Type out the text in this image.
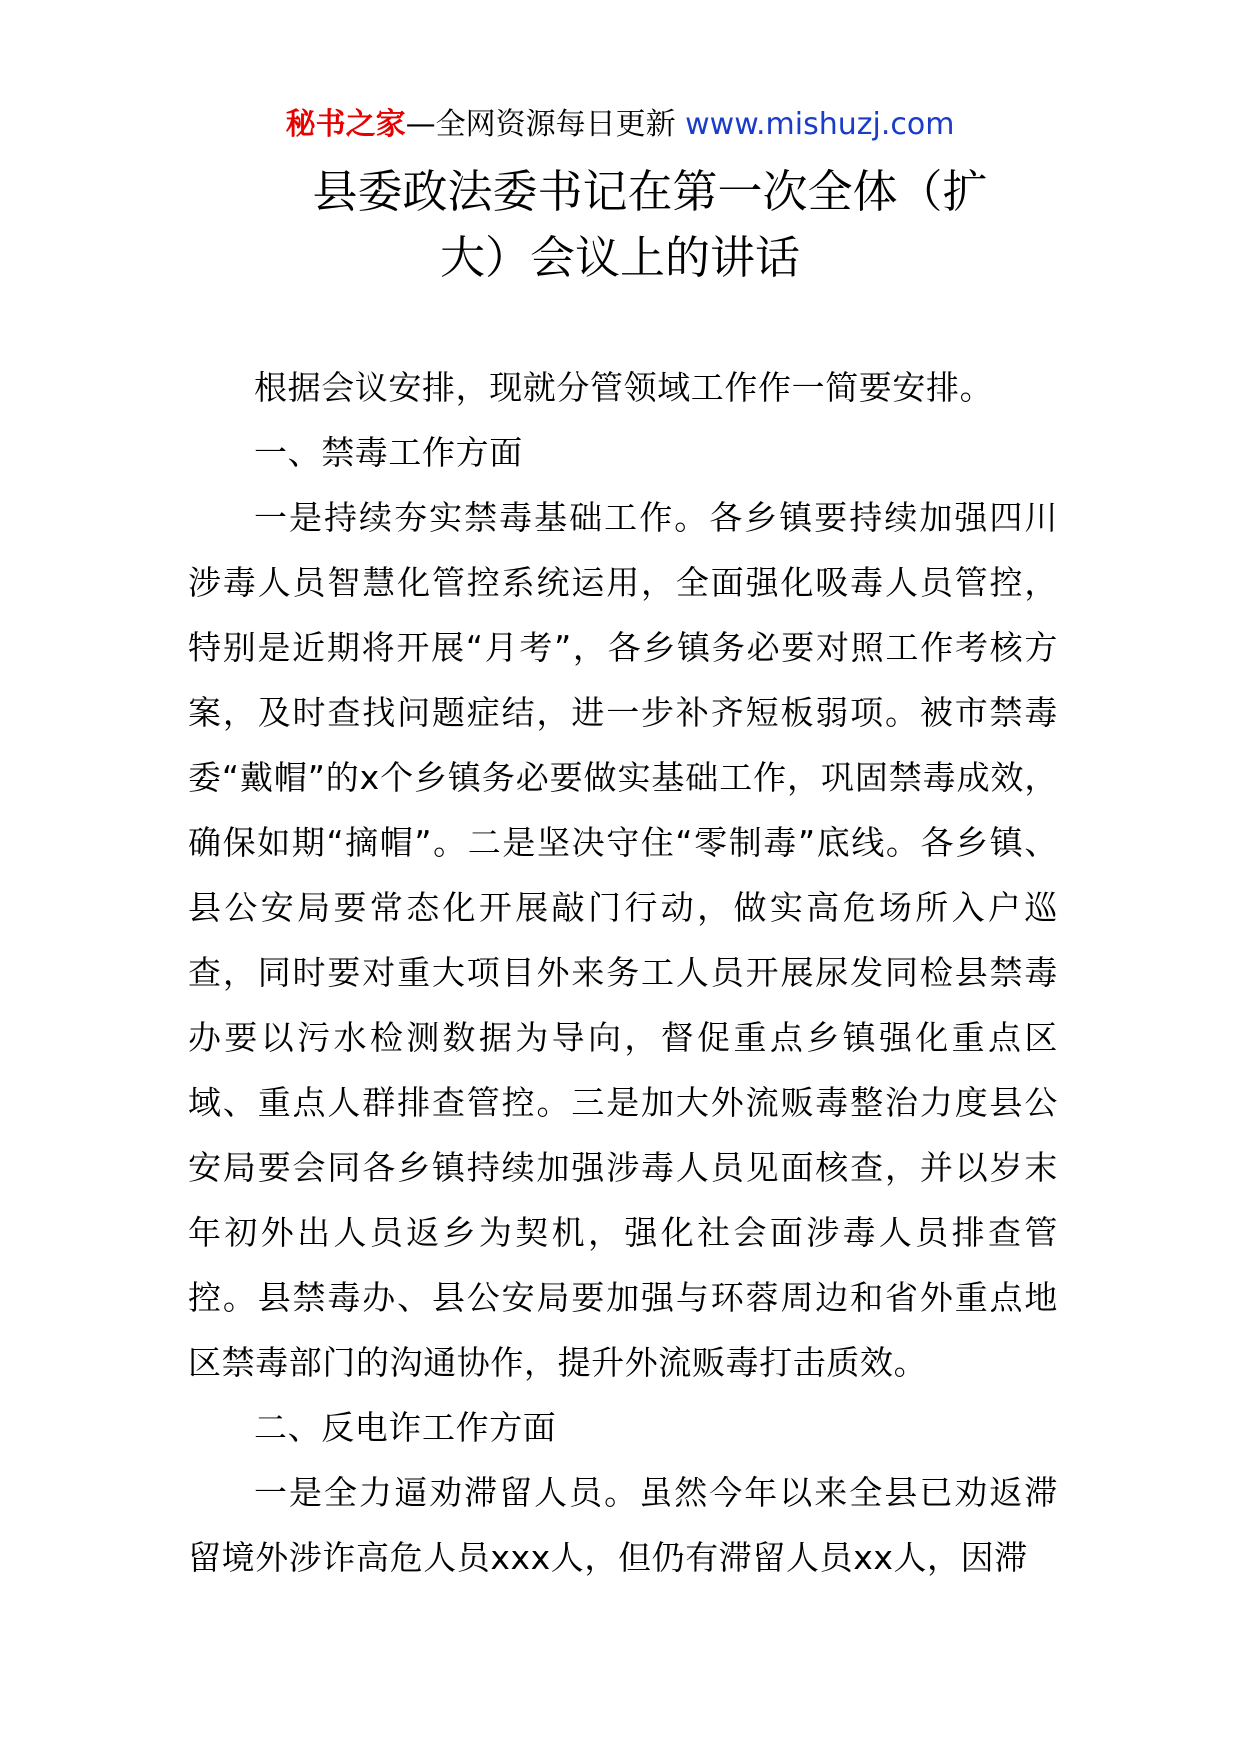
秘书之家—全网资源每日更新 www.mishuzj.com
县委政法委书记在第一次全体（扩
大）会议上的讲话

根据会议安排，现就分管领域工作作一简要安排。

一、禁毒工作方面

一是持续夯实禁毒基础工作。各乡镇要持续加强四川涉毒人员智慧化管控系统运用，全面强化吸毒人员管控，特别是近期将开展“月考”，各乡镇务必要对照工作考核方案，及时查找问题症结，进一步补齐短板弱项。被市禁毒委“戴帽”的x个乡镇务必要做实基础工作，巩固禁毒成效，确保如期“摘帽”。二是坚决守住“零制毒”底线。各乡镇、县公安局要常态化开展敲门行动，做实高危场所入户巡查，同时要对重大项目外来务工人员开展尿发同检县禁毒办要以污水检测数据为导向，督促重点乡镇强化重点区域、重点人群排查管控。三是加大外流贩毒整治力度县公安局要会同各乡镇持续加强涉毒人员见面核查，并以岁末年初外出人员返乡为契机，强化社会面涉毒人员排查管控。县禁毒办、县公安局要加强与环蓉周边和省外重点地区禁毒部门的沟通协作，提升外流贩毒打击质效。

二、反电诈工作方面

一是全力逼劝滞留人员。虽然今年以来全县已劝返滞留境外涉诈高危人员xxx人，但仍有滞留人员xx人，因滞
